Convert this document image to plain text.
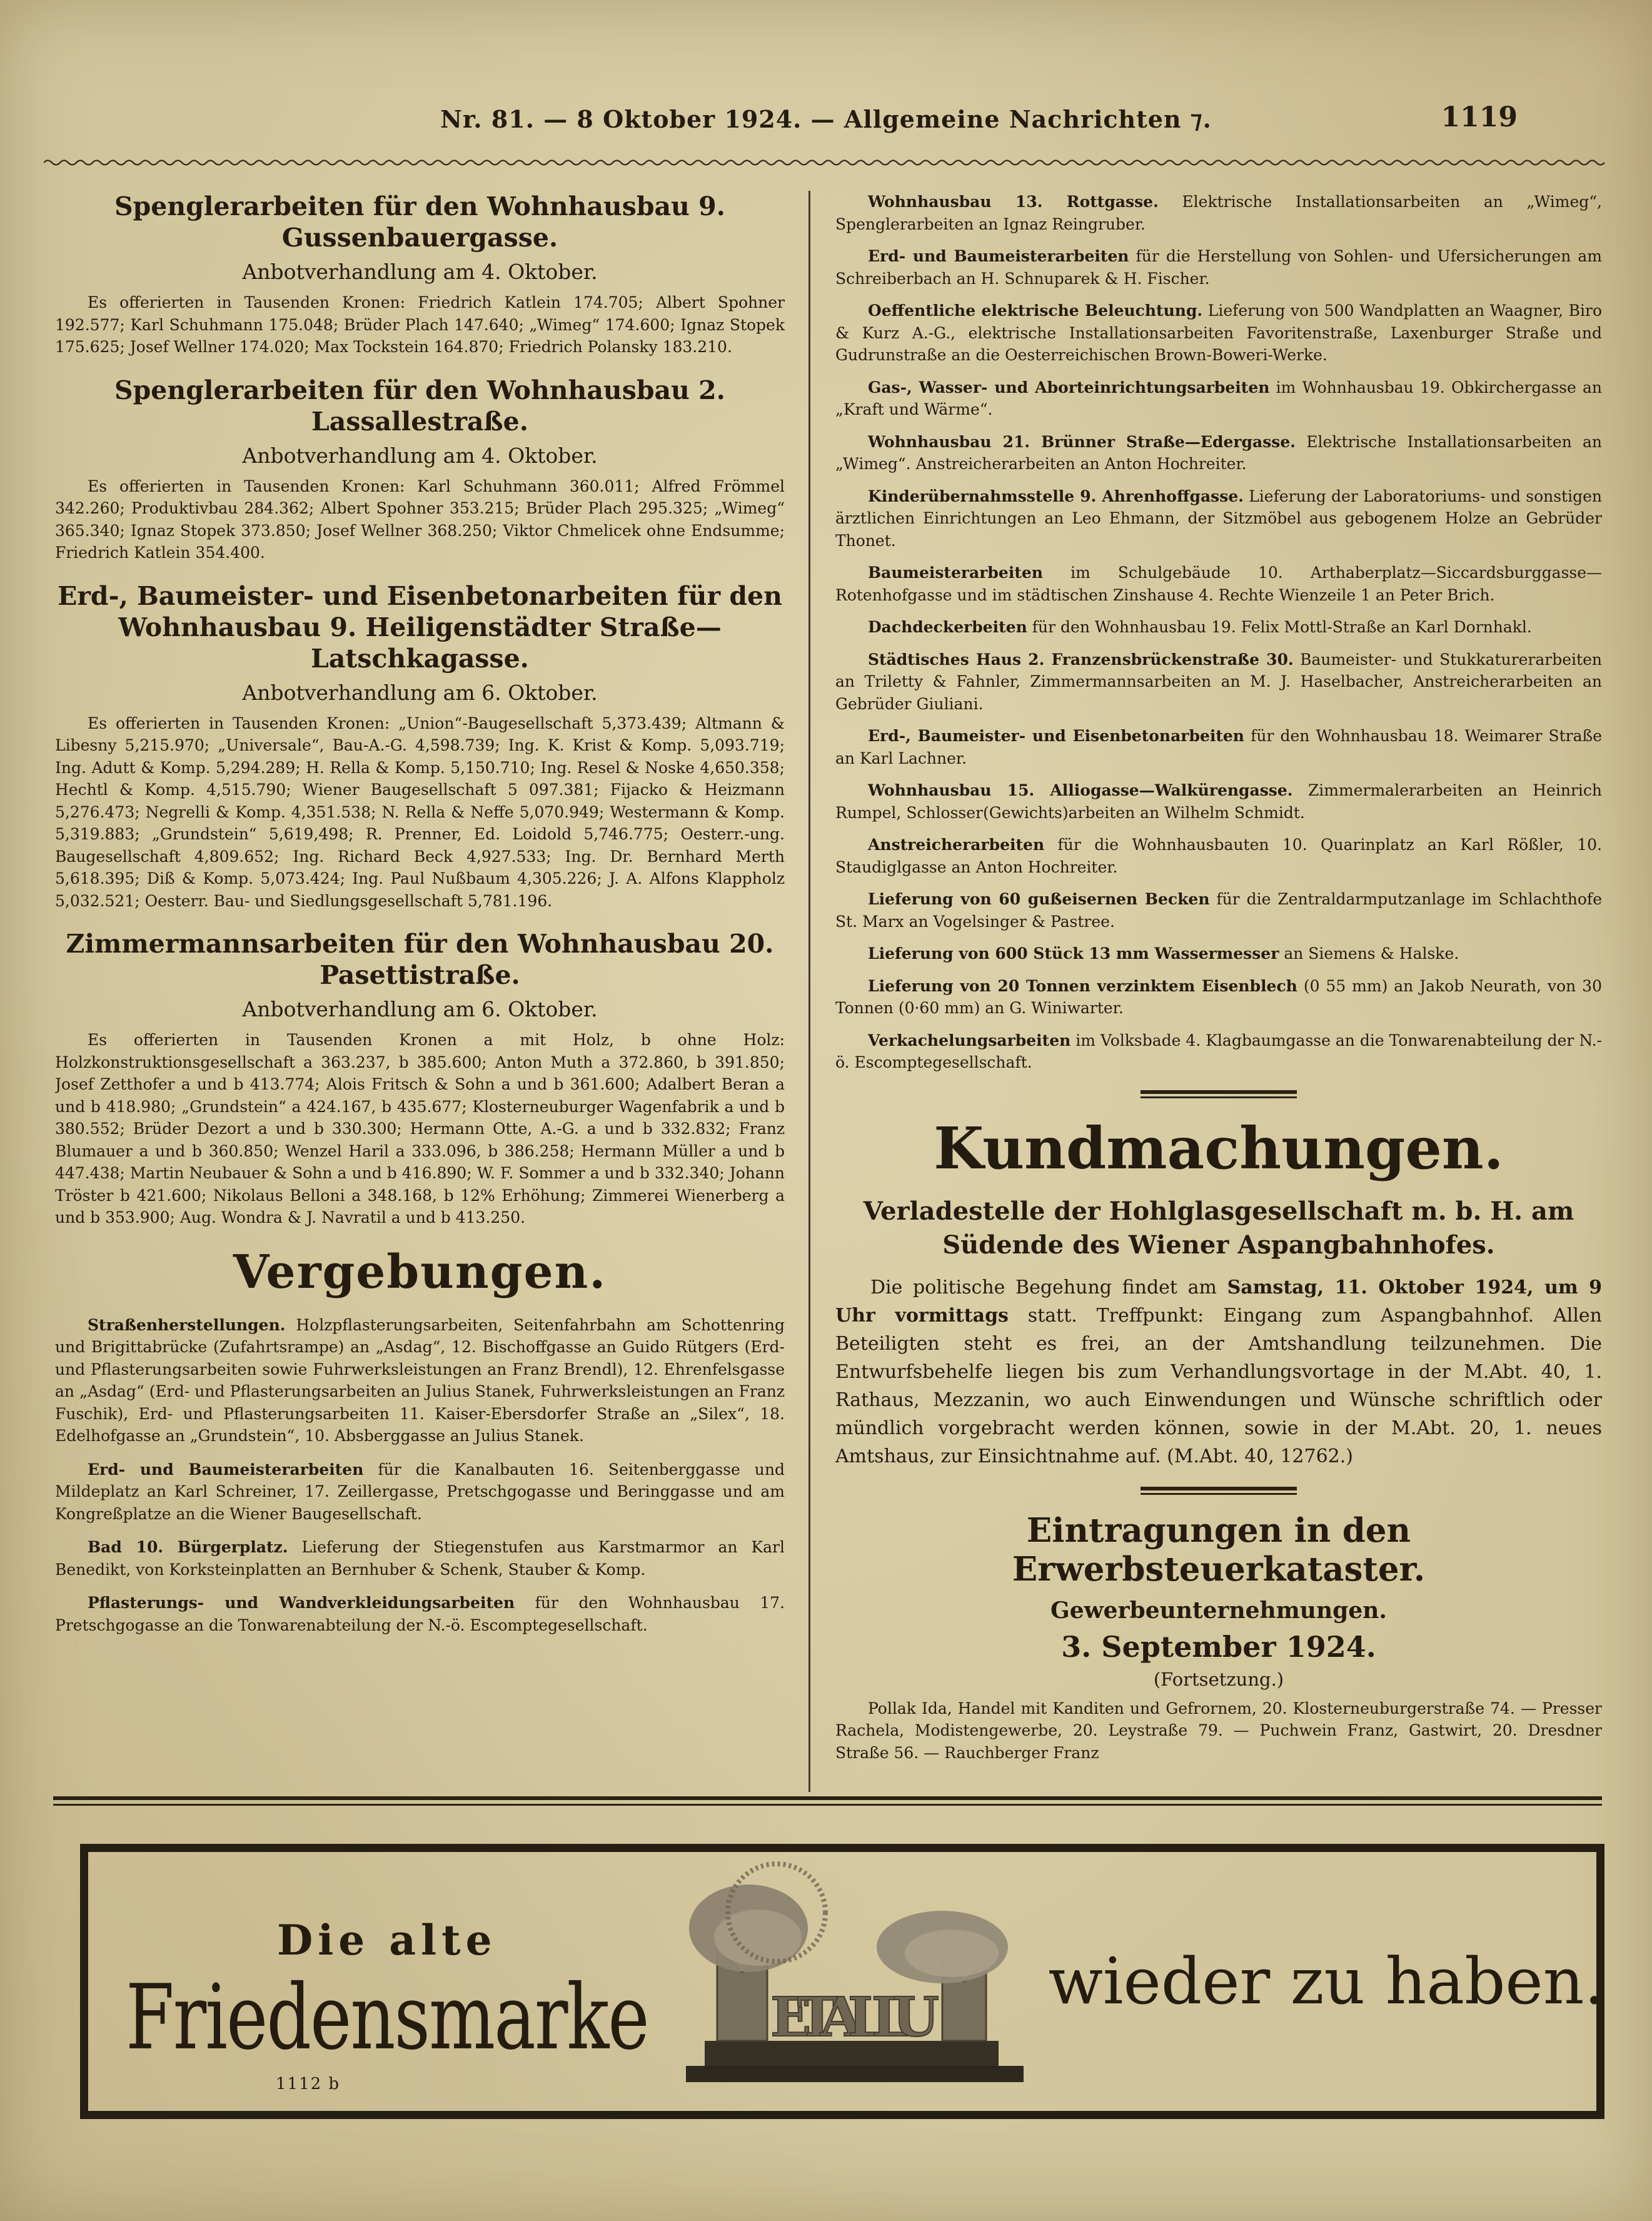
Nr. 81. — 8 Oktober 1924. — Allgemeine Nachrichten ⁊.	1119
Spenglerarbeiten für den Wohnhausbau 9. Gussenbauergasse.
Anbotverhandlung am 4. Oktober.

Es offerierten in Tausenden Kronen: Friedrich Katlein 174.705; Albert Spohner 192.577; Karl Schuhmann 175.048; Brüder Plach 147.640; „Wimeg“ 174.600; Ignaz Stopek 175.625; Josef Wellner 174.020; Max Tockstein 164.870; Friedrich Polansky 183.210.

Spenglerarbeiten für den Wohnhausbau 2. Lassallestraße.
Anbotverhandlung am 4. Oktober.

Es offerierten in Tausenden Kronen: Karl Schuhmann 360.011; Alfred Frömmel 342.260; Produktivbau 284.362; Albert Spohner 353.215; Brüder Plach 295.325; „Wimeg“ 365.340; Ignaz Stopek 373.850; Josef Wellner 368.250; Viktor Chmelicek ohne Endsumme; Friedrich Katlein 354.400.

Erd-, Baumeister- und Eisenbetonarbeiten für den Wohnhausbau 9. Heiligenstädter Straße—Latschkagasse.
Anbotverhandlung am 6. Oktober.

Es offerierten in Tausenden Kronen: „Union“-Baugesellschaft 5,373.439; Altmann & Libesny 5,215.970; „Universale“, Bau-A.-G. 4,598.739; Ing. K. Krist & Komp. 5,093.719; Ing. Adutt & Komp. 5,294.289; H. Rella & Komp. 5,150.710; Ing. Resel & Noske 4,650.358; Hechtl & Komp. 4,515.790; Wiener Baugesellschaft 5 097.381; Fijacko & Heizmann 5,276.473; Negrelli & Komp. 4,351.538; N. Rella & Neffe 5,070.949; Westermann & Komp. 5,319.883; „Grundstein“ 5,619,498; R. Prenner, Ed. Loidold 5,746.775; Oesterr.-ung. Baugesellschaft 4,809.652; Ing. Richard Beck 4,927.533; Ing. Dr. Bernhard Merth 5,618.395; Diß & Komp. 5,073.424; Ing. Paul Nußbaum 4,305.226; J. A. Alfons Klappholz 5,032.521; Oesterr. Bau- und Siedlungsgesellschaft 5,781.196.

Zimmermannsarbeiten für den Wohnhausbau 20. Pasettistraße.
Anbotverhandlung am 6. Oktober.

Es offerierten in Tausenden Kronen a mit Holz, b ohne Holz: Holzkonstruktionsgesellschaft a 363.237, b 385.600; Anton Muth a 372.860, b 391.850; Josef Zetthofer a und b 413.774; Alois Fritsch & Sohn a und b 361.600; Adalbert Beran a und b 418.980; „Grundstein“ a 424.167, b 435.677; Klosterneuburger Wagenfabrik a und b 380.552; Brüder Dezort a und b 330.300; Hermann Otte, A.-G. a und b 332.832; Franz Blumauer a und b 360.850; Wenzel Haril a 333.096, b 386.258; Hermann Müller a und b 447.438; Martin Neubauer & Sohn a und b 416.890; W. F. Sommer a und b 332.340; Johann Tröster b 421.600; Nikolaus Belloni a 348.168, b 12% Erhöhung; Zimmerei Wienerberg a und b 353.900; Aug. Wondra & J. Navratil a und b 413.250.

Vergebungen.

Straßenherstellungen. Holzpflasterungsarbeiten, Seitenfahrbahn am Schottenring und Brigittabrücke (Zufahrtsrampe) an „Asdag“, 12. Bischoffgasse an Guido Rütgers (Erd- und Pflasterungsarbeiten sowie Fuhrwerksleistungen an Franz Brendl), 12. Ehrenfelsgasse an „Asdag“ (Erd- und Pflasterungsarbeiten an Julius Stanek, Fuhrwerksleistungen an Franz Fuschik), Erd- und Pflasterungsarbeiten 11. Kaiser-Ebersdorfer Straße an „Silex“, 18. Edelhofgasse an „Grundstein“, 10. Absberggasse an Julius Stanek.

Erd- und Baumeisterarbeiten für die Kanalbauten 16. Seitenberggasse und Mildeplatz an Karl Schreiner, 17. Zeillergasse, Pretschgogasse und Beringgasse und am Kongreßplatze an die Wiener Baugesellschaft.

Bad 10. Bürgerplatz. Lieferung der Stiegenstufen aus Karstmarmor an Karl Benedikt, von Korksteinplatten an Bernhuber & Schenk, Stauber & Komp.

Pflasterungs- und Wandverkleidungsarbeiten für den Wohnhausbau 17. Pretschgogasse an die Tonwarenabteilung der N.-ö. Escomptegesellschaft.

Wohnhausbau 13. Rottgasse. Elektrische Installationsarbeiten an „Wimeg“, Spenglerarbeiten an Ignaz Reingruber.

Erd- und Baumeisterarbeiten für die Herstellung von Sohlen- und Ufersicherungen am Schreiberbach an H. Schnuparek & H. Fischer.

Oeffentliche elektrische Beleuchtung. Lieferung von 500 Wandplatten an Waagner, Biro & Kurz A.-G., elektrische Installationsarbeiten Favoritenstraße, Laxenburger Straße und Gudrunstraße an die Oesterreichischen Brown-Boweri-Werke.

Gas-, Wasser- und Aborteinrichtungsarbeiten im Wohnhausbau 19. Obkirchergasse an „Kraft und Wärme“.

Wohnhausbau 21. Brünner Straße—Edergasse. Elektrische Installationsarbeiten an „Wimeg“. Anstreicherarbeiten an Anton Hochreiter.

Kinderübernahmsstelle 9. Ahrenhoffgasse. Lieferung der Laboratoriums- und sonstigen ärztlichen Einrichtungen an Leo Ehmann, der Sitzmöbel aus gebogenem Holze an Gebrüder Thonet.

Baumeisterarbeiten im Schulgebäude 10. Arthaberplatz—Siccardsburggasse—Rotenhofgasse und im städtischen Zinshause 4. Rechte Wienzeile 1 an Peter Brich.

Dachdeckerbeiten für den Wohnhausbau 19. Felix Mottl-Straße an Karl Dornhakl.

Städtisches Haus 2. Franzensbrückenstraße 30. Baumeister- und Stukkaturerarbeiten an Triletty & Fahnler, Zimmermannsarbeiten an M. J. Haselbacher, Anstreicherarbeiten an Gebrüder Giuliani.

Erd-, Baumeister- und Eisenbetonarbeiten für den Wohnhausbau 18. Weimarer Straße an Karl Lachner.

Wohnhausbau 15. Alliogasse—Walkürengasse. Zimmermalerarbeiten an Heinrich Rumpel, Schlosser(Gewichts)arbeiten an Wilhelm Schmidt.

Anstreicherarbeiten für die Wohnhausbauten 10. Quarinplatz an Karl Rößler, 10. Staudiglgasse an Anton Hochreiter.

Lieferung von 60 gußeisernen Becken für die Zentraldarmputzanlage im Schlachthofe St. Marx an Vogelsinger & Pastree.

Lieferung von 600 Stück 13 mm Wassermesser an Siemens & Halske.

Lieferung von 20 Tonnen verzinktem Eisenblech (0 55 mm) an Jakob Neurath, von 30 Tonnen (0·60 mm) an G. Winiwarter.

Verkachelungsarbeiten im Volksbade 4. Klagbaumgasse an die Tonwarenabteilung der N.-ö. Escomptegesellschaft.

Kundmachungen.
Verladestelle der Hohlglasgesellschaft m. b. H. am Südende des Wiener Aspangbahnhofes.

Die politische Begehung findet am Samstag, 11. Oktober 1924, um 9 Uhr vormittags statt. Treffpunkt: Eingang zum Aspangbahnhof. Allen Beteiligten steht es frei, an der Amtshandlung teilzunehmen. Die Entwurfsbehelfe liegen bis zum Verhandlungsvortage in der M.Abt. 40, 1. Rathaus, Mezzanin, wo auch Einwendungen und Wünsche schriftlich oder mündlich vorgebracht werden können, sowie in der M.Abt. 20, 1. neues Amtshaus, zur Einsichtnahme auf. (M.Abt. 40, 12762.)

Eintragungen in den Erwerbsteuerkataster.
Gewerbeunternehmungen.
3. September 1924.
(Fortsetzung.)

Pollak Ida, Handel mit Kanditen und Gefrornem, 20. Klosterneuburgerstraße 74. — Presser Rachela, Modistengewerbe, 20. Leystraße 79. — Puchwein Franz, Gastwirt, 20. Dresdner Straße 56. — Rauchberger Franz

Die alte
Friedensmarke
1112 b
ETALLU wieder zu haben.
